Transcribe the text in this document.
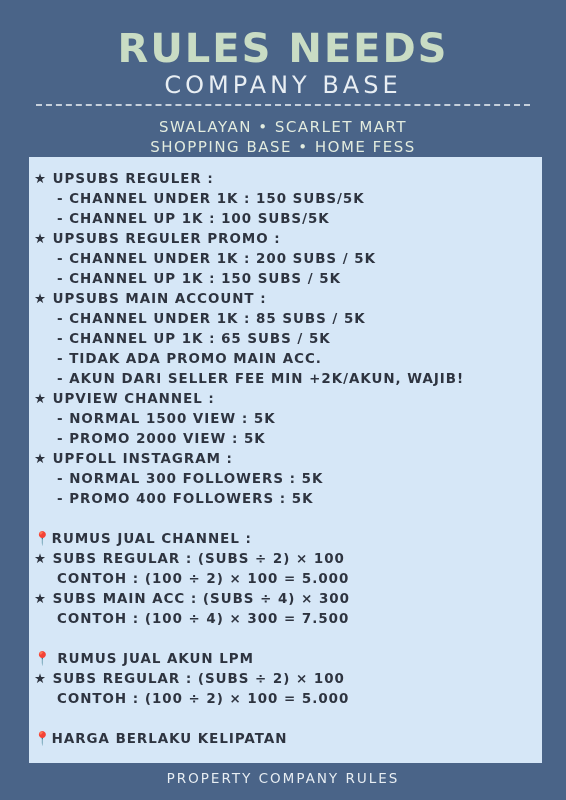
RULES NEEDS
COMPANY BASE
SWALAYAN • SCARLET MART
SHOPPING BASE • HOME FESS
★ UPSUBS REGULER :
- CHANNEL UNDER 1K : 150 SUBS/5K
- CHANNEL UP 1K : 100 SUBS/5K
★ UPSUBS REGULER PROMO :
- CHANNEL UNDER 1K : 200 SUBS / 5K
- CHANNEL UP 1K : 150 SUBS / 5K
★ UPSUBS MAIN ACCOUNT :
- CHANNEL UNDER 1K : 85 SUBS / 5K
- CHANNEL UP 1K : 65 SUBS / 5K
- TIDAK ADA PROMO MAIN ACC.
- AKUN DARI SELLER FEE MIN +2K/AKUN, WAJIB!
★ UPVIEW CHANNEL :
- NORMAL 1500 VIEW : 5K
- PROMO 2000 VIEW : 5K
★ UPFOLL INSTAGRAM :
- NORMAL 300 FOLLOWERS : 5K
- PROMO 400 FOLLOWERS : 5K
📍RUMUS JUAL CHANNEL :
★ SUBS REGULAR : (SUBS ÷ 2) × 100
CONTOH : (100 ÷ 2) × 100 = 5.000
★ SUBS MAIN ACC : (SUBS ÷ 4) × 300
CONTOH : (100 ÷ 4) × 300 = 7.500
📍 RUMUS JUAL AKUN LPM
★ SUBS REGULAR : (SUBS ÷ 2) × 100
CONTOH : (100 ÷ 2) × 100 = 5.000
📍HARGA BERLAKU KELIPATAN
PROPERTY COMPANY RULES
